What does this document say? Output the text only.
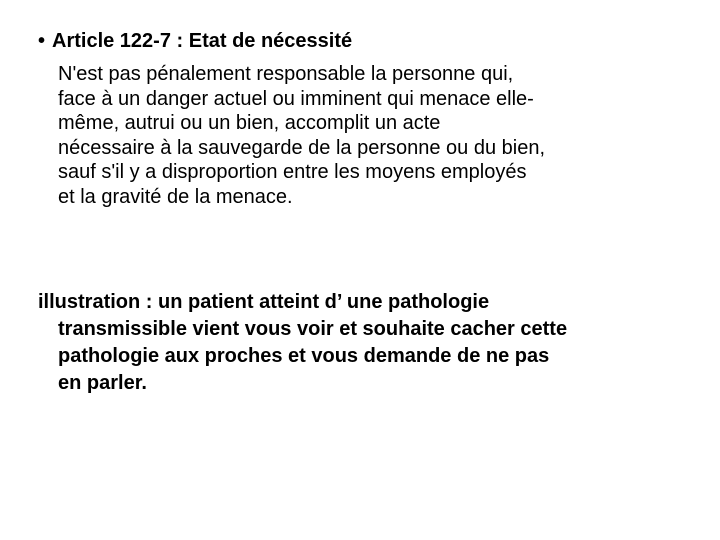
• Article 122-7 : Etat de nécessité
N'est pas pénalement responsable la personne qui,
face à un danger actuel ou imminent qui menace elle-
même, autrui ou un bien, accomplit un acte
nécessaire à la sauvegarde de la personne ou du bien,
sauf s'il y a disproportion entre les moyens employés
et la gravité de la menace.
illustration : un patient atteint d’ une pathologie
transmissible vient vous voir et souhaite cacher cette
pathologie aux proches et vous demande de ne pas
en parler.
